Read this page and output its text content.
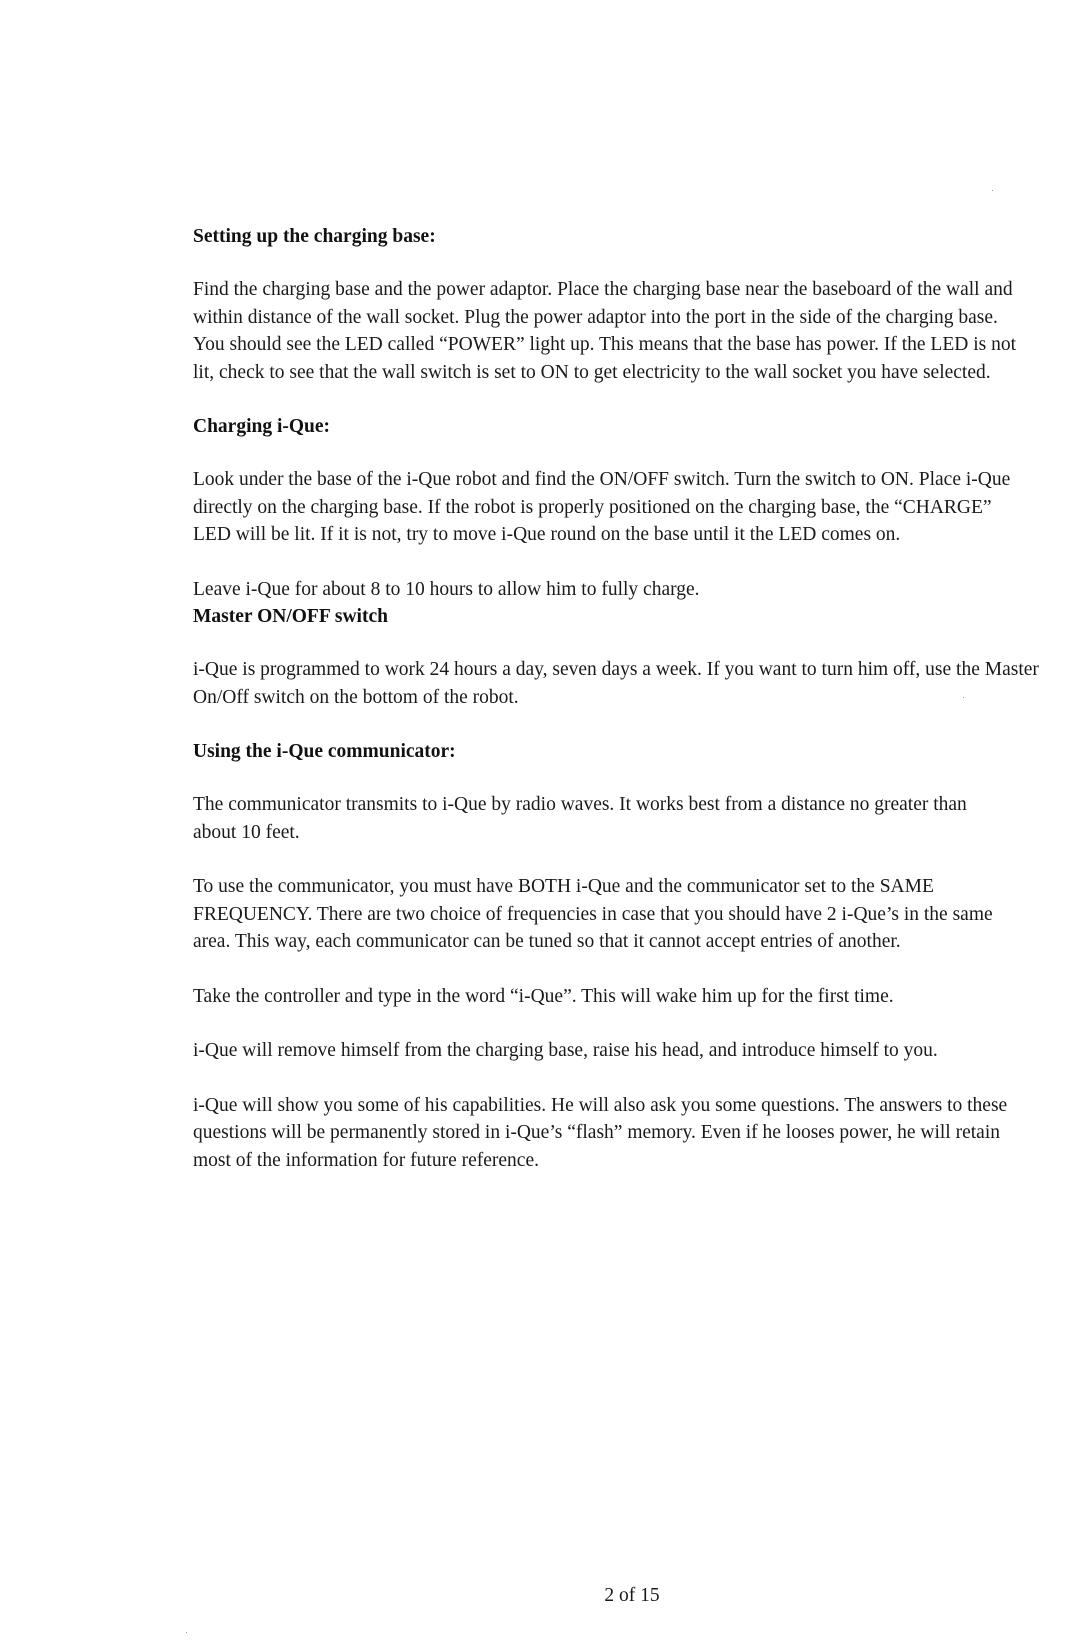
Setting up the charging base:

Find the charging base and the power adaptor. Place the charging base near the baseboard of the wall and within distance of the wall socket. Plug the power adaptor into the port in the side of the charging base. You should see the LED called “POWER” light up. This means that the base has power. If the LED is not lit, check to see that the wall switch is set to ON to get electricity to the wall socket you have selected.

Charging i-Que:

Look under the base of the i-Que robot and find the ON/OFF switch. Turn the switch to ON. Place i-Que directly on the charging base. If the robot is properly positioned on the charging base, the “CHARGE” LED will be lit. If it is not, try to move i-Que round on the base until it the LED comes on.

Leave i-Que for about 8 to 10 hours to allow him to fully charge.

Master ON/OFF switch

i-Que is programmed to work 24 hours a day, seven days a week. If you want to turn him off, use the Master On/Off switch on the bottom of the robot.

Using the i-Que communicator:

The communicator transmits to i-Que by radio waves. It works best from a distance no greater than about 10 feet.

To use the communicator, you must have BOTH i-Que and the communicator set to the SAME FREQUENCY. There are two choice of frequencies in case that you should have 2 i-Que’s in the same area. This way, each communicator can be tuned so that it cannot accept entries of another.

Take the controller and type in the word “i-Que”. This will wake him up for the first time.

i-Que will remove himself from the charging base, raise his head, and introduce himself to you.

i-Que will show you some of his capabilities. He will also ask you some questions. The answers to these questions will be permanently stored in i-Que’s “flash” memory. Even if he looses power, he will retain most of the information for future reference.

2 of 15
